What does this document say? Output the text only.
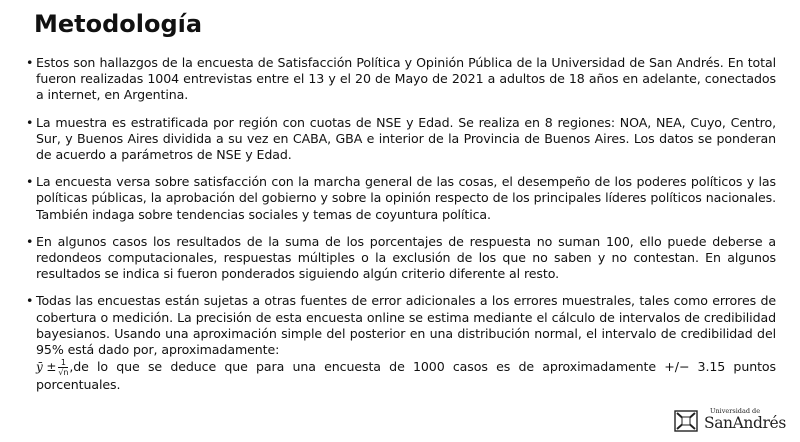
Metodología
• Estos son hallazgos de la encuesta de Satisfacción Política y Opinión Pública de la Universidad de San Andrés. En total fueron realizadas 1004 entrevistas entre el 13 y el 20 de Mayo de 2021 a adultos de 18 años en adelante, conectados a internet, en Argentina.
• La muestra es estratificada por región con cuotas de NSE y Edad. Se realiza en 8 regiones: NOA, NEA, Cuyo, Centro, Sur, y Buenos Aires dividida a su vez en CABA, GBA e interior de la Provincia de Buenos Aires. Los datos se ponderan de acuerdo a parámetros de NSE y Edad.
• La encuesta versa sobre satisfacción con la marcha general de las cosas, el desempeño de los poderes políticos y las políticas públicas, la aprobación del gobierno y sobre la opinión respecto de los principales líderes políticos nacionales. También indaga sobre tendencias sociales y temas de coyuntura política.
• En algunos casos los resultados de la suma de los porcentajes de respuesta no suman 100, ello puede deberse a redondeos computacionales, respuestas múltiples o la exclusión de los que no saben y no contestan. En algunos resultados se indica si fueron ponderados siguiendo algún criterio diferente al resto.
• Todas las encuestas están sujetas a otras fuentes de error adicionales a los errores muestrales, tales como errores de cobertura o medición. La precisión de esta encuesta online se estima mediante el cálculo de intervalos de credibilidad bayesianos. Usando una aproximación simple del posterior en una distribución normal, el intervalo de credibilidad del 95% está dado por, aproximadamente:
ȳ ± $\frac{1}{√n} ,de$ lo que se deduce que para una encuesta de 1000 casos es de aproximadamente +/− 3.15 puntos porcentuales.
Universidad de
SanAndrés
